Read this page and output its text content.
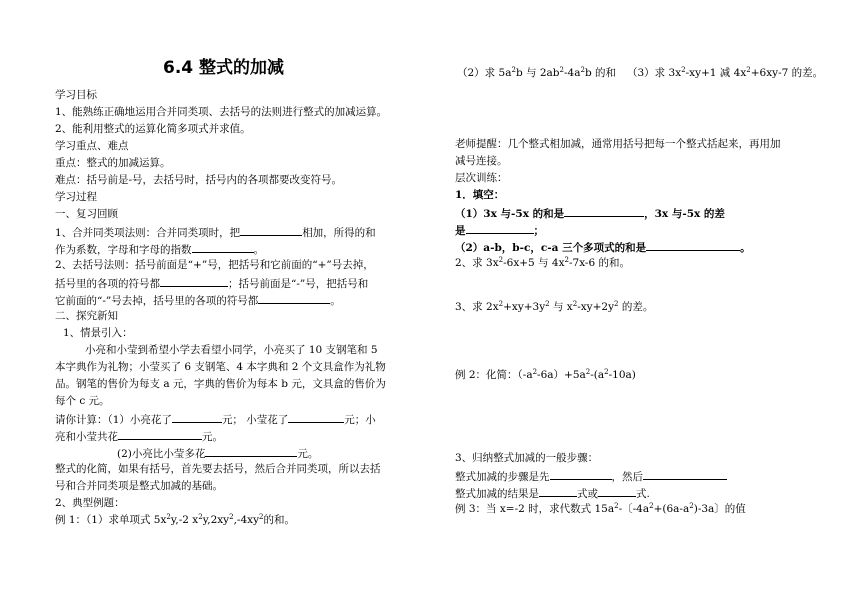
6.4 整式的加减
学习目标
1、能熟练正确地运用合并同类项、去括号的法则进行整式的加减运算。
2、能利用整式的运算化简多项式并求值。
学习重点、难点
重点：整式的加减运算。
难点：括号前是-号，去括号时，括号内的各项都要改变符号。
学习过程
一、复习回顾
1、合并同类项法则：合并同类项时，把	相加，所得的和
作为系数，字母和字母的指数	。
2、去括号法则：括号前面是“+”号，把括号和它前面的“+”号去掉，
括号里的各项的符号都	；括号前面是“-”号，把括号和
它前面的“-”号去掉，括号里的各项的符号都	。
二、探究新知
1、情景引入：
小亮和小莹到希望小学去看望小同学，小亮买了 10 支钢笔和 5
本字典作为礼物；小莹买了 6 支钢笔、4 本字典和 2 个文具盒作为礼物
品。钢笔的售价为每支 a 元，字典的售价为每本 b 元，文具盒的售价为
每个 c 元。
请你计算：（1）小亮花了	元； 小莹花了	元；小
亮和小莹共花	元。
(2)小亮比小莹多花	元。
整式的化简，如果有括号，首先要去括号，然后合并同类项，所以去括
号和合并同类项是整式加减的基础。
2、典型例题：
例 1：（1）求单项式 $5x^2y,-2$ $x^2y,2xy^2,-4xy^2$的和。
（2）求 $5a^2b$ 与 $2ab^2-4a^2b$ 的和 （3）求 $3x^2-xy+1$ 减 $4x^2+6xy-7$ 的差。
老师提醒：几个整式相加减，通常用括号把每一个整式括起来，再用加
减号连接。
层次训练：
1．填空：
（1）3x 与-5x 的和是	，3x 与-5x 的差
是	；
（2）a-b，b-c，c-a 三个多项式的和是	。
2、求 $3x^2-6x+5$ 与 $4x^2-7x-6$ 的和。
3、求 $2x^2+xy+3y^2$ 与 $x^2-xy+2y^2$ 的差。
例 2：化简：$(-a^2-6a)+5a^2-(a^2-10a)$
3、归纳整式加减的一般步骤：
整式加减的步骤是先	，然后
整式加减的结果是	式或	式.
例 3：当 x=-2 时，求代数式 $15a^2-$〔$-4a^2+(6a-a^2)-3a$〕的值
